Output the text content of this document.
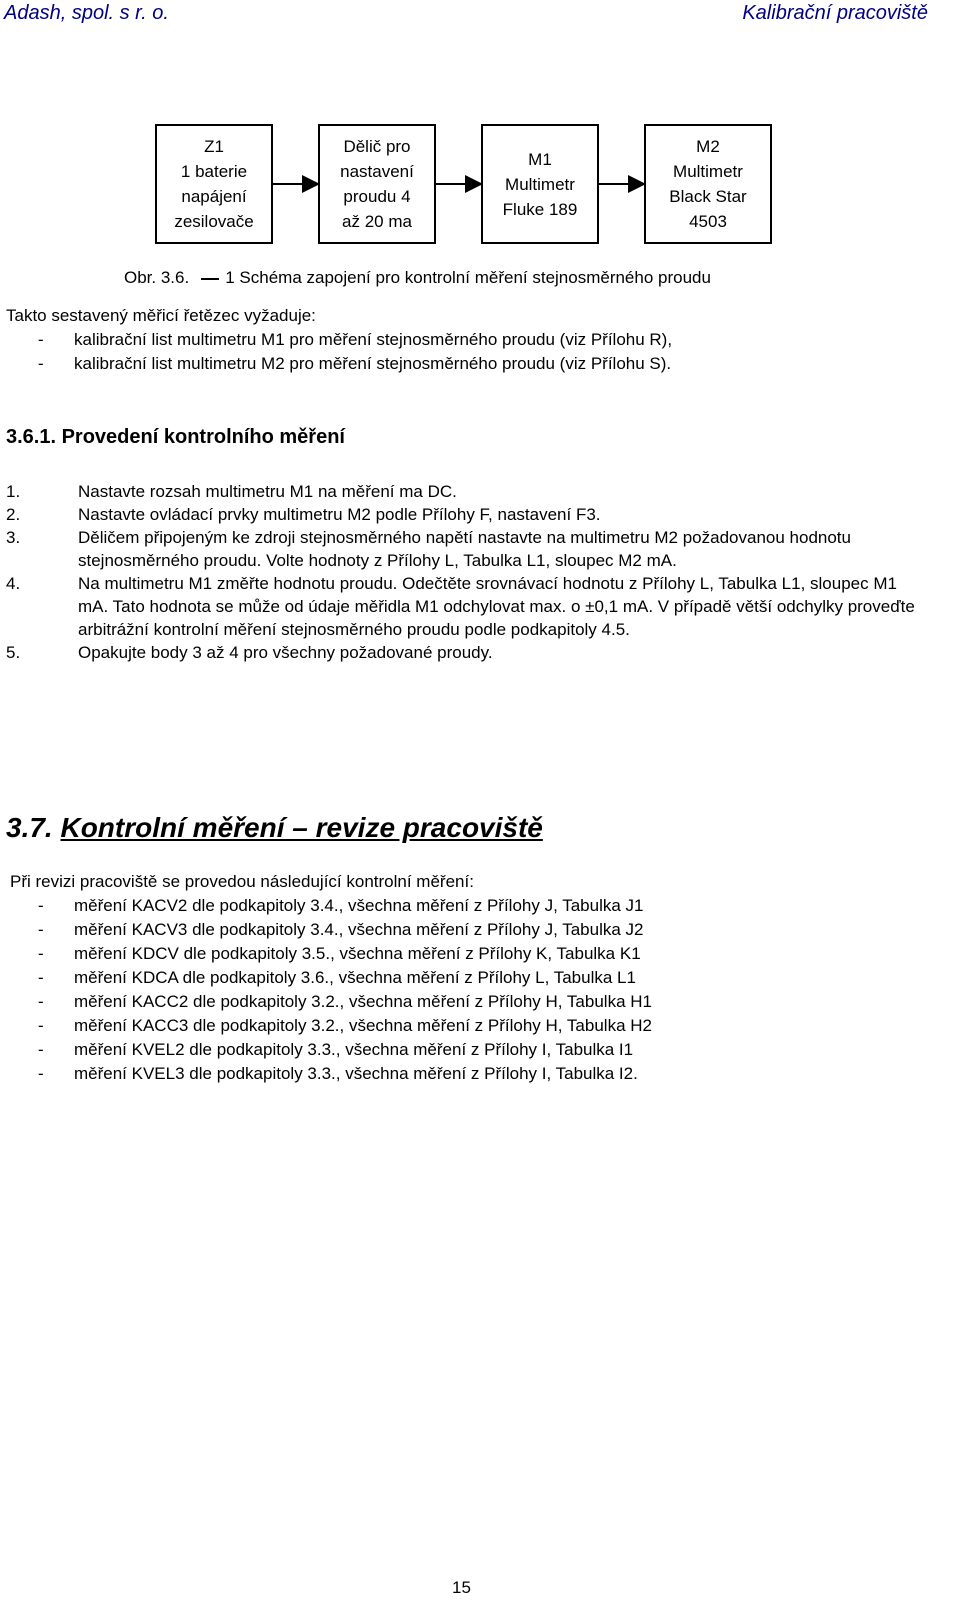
Adash, spol. s r. o.	Kalibrační pracoviště
Z1
1 baterie
napájení
zesilovače
Dělič pro
nastavení
proudu 4
až 20 ma
M1
Multimetr
Fluke 189
M2
Multimetr
Black Star
4503
Obr. 3.6. 1 Schéma zapojení pro kontrolní měření stejnosměrného proudu
Takto sestavený měřicí řetězec vyžaduje:
- kalibrační list multimetru M1 pro měření stejnosměrného proudu (viz Přílohu R),
- kalibrační list multimetru M2 pro měření stejnosměrného proudu (viz Přílohu S).
3.6.1. Provedení kontrolního měření
1.	Nastavte rozsah multimetru M1 na měření ma DC.
2.	Nastavte ovládací prvky multimetru M2 podle Přílohy F, nastavení F3.
3.	Děličem připojeným ke zdroji stejnosměrného napětí nastavte na multimetru M2 požadovanou hodnotu stejnosměrného proudu. Volte hodnoty z Přílohy L, Tabulka L1, sloupec M2 mA.
4.	Na multimetru M1 změřte hodnotu proudu. Odečtěte srovnávací hodnotu z Přílohy L, Tabulka L1, sloupec M1 mA. Tato hodnota se může od údaje měřidla M1 odchylovat max. o ±0,1 mA. V případě větší odchylky proveďte arbitrážní kontrolní měření stejnosměrného proudu podle podkapitoly 4.5.
5.	Opakujte body 3 až 4 pro všechny požadované proudy.
3.7. Kontrolní měření – revize pracoviště
Při revizi pracoviště se provedou následující kontrolní měření:
- měření KACV2 dle podkapitoly 3.4., všechna měření z Přílohy J, Tabulka J1
- měření KACV3 dle podkapitoly 3.4., všechna měření z Přílohy J, Tabulka J2
- měření KDCV dle podkapitoly 3.5., všechna měření z Přílohy K, Tabulka K1
- měření KDCA dle podkapitoly 3.6., všechna měření z Přílohy L, Tabulka L1
- měření KACC2 dle podkapitoly 3.2., všechna měření z Přílohy H, Tabulka H1
- měření KACC3 dle podkapitoly 3.2., všechna měření z Přílohy H, Tabulka H2
- měření KVEL2 dle podkapitoly 3.3., všechna měření z Přílohy I, Tabulka I1
- měření KVEL3 dle podkapitoly 3.3., všechna měření z Přílohy I, Tabulka I2.
15
